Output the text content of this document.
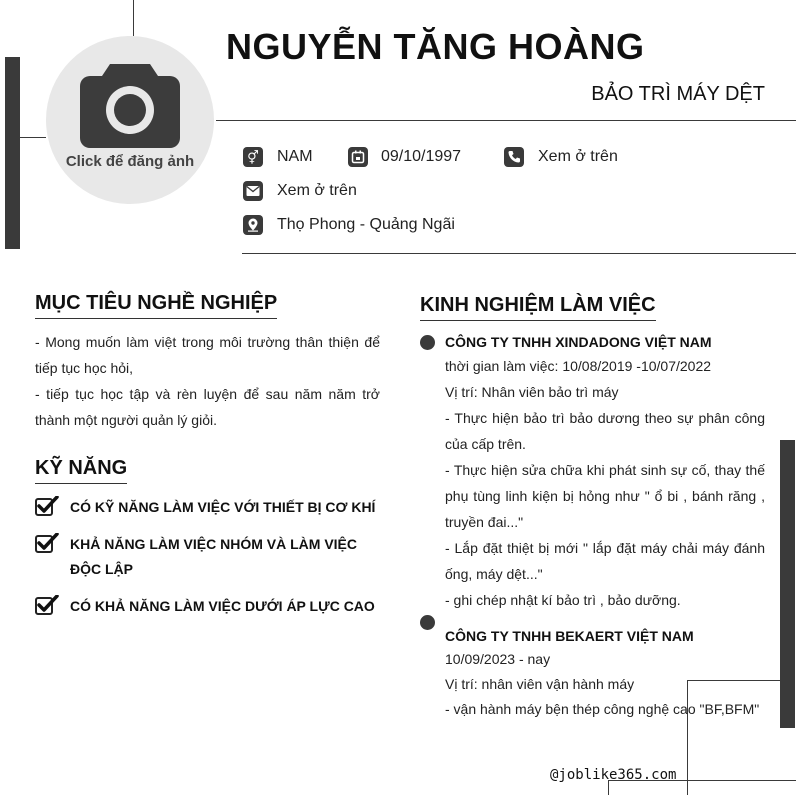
Click để đăng ảnh
NGUYỄN TĂNG HOÀNG
BẢO TRÌ MÁY DỆT
⚥ NAM	09/10/1997	Xem ở trên
Xem ở trên
Thọ Phong - Quảng Ngãi
MỤC TIÊU NGHỀ NGHIỆP
- Mong muốn làm việt trong môi trường thân thiện để tiếp tục học hỏi,
- tiếp tục học tập và rèn luyện để sau năm năm trở thành một người quản lý giỏi.
KỸ NĂNG
CÓ KỸ NĂNG LÀM VIỆC VỚI THIẾT BỊ CƠ KHÍ
KHẢ NĂNG LÀM VIỆC NHÓM VÀ LÀM VIỆC ĐỘC LẬP
CÓ KHẢ NĂNG LÀM VIỆC DƯỚI ÁP LỰC CAO
KINH NGHIỆM LÀM VIỆC
CÔNG TY TNHH XINDADONG VIỆT NAM
thời gian làm việc: 10/08/2019 -10/07/2022
Vị trí: Nhân viên bảo trì máy
- Thực hiện bảo trì bảo dương theo sự phân công của cấp trên.
- Thực hiện sửa chữa khi phát sinh sự cố, thay thế phụ tùng linh kiện bị hỏng như " ổ bi , bánh răng , truyền đai..."
- Lắp đặt thiệt bị mới " lắp đặt máy chải máy đánh ống, máy dệt..."
- ghi chép nhật kí bảo trì , bảo dưỡng.
CÔNG TY TNHH BEKAERT VIỆT NAM
10/09/2023 - nay
Vị trí: nhân viên vận hành máy
- vận hành máy bện thép công nghệ cao "BF,BFM"
@joblike365.com
